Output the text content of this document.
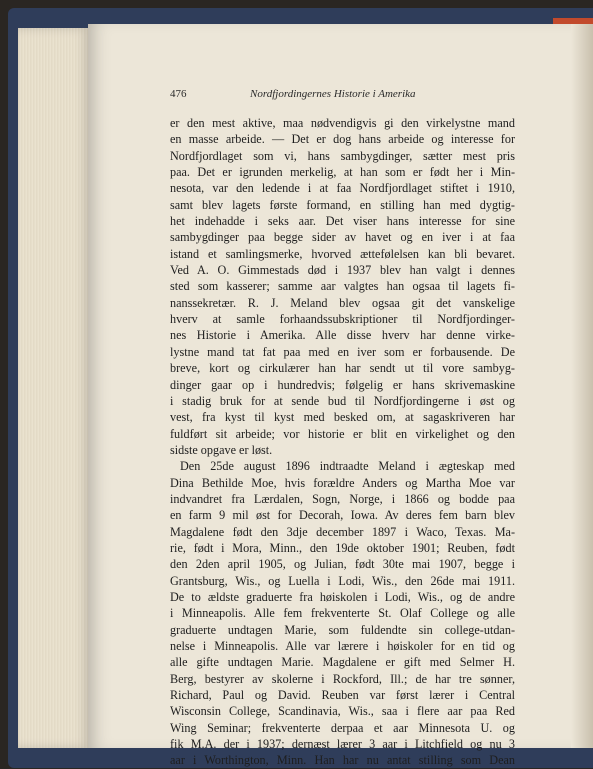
476	Nordfjordingernes Historie i Amerika
er den mest aktive, maa nødvendigvis gi den virkelystne mand
en masse arbeide. — Det er dog hans arbeide og interesse for
Nordfjordlaget som vi, hans sambygdinger, sætter mest pris
paa. Det er igrunden merkelig, at han som er født her i Min-
nesota, var den ledende i at faa Nordfjordlaget stiftet i 1910,
samt blev lagets første formand, en stilling han med dygtig-
het indehadde i seks aar. Det viser hans interesse for sine
sambygdinger paa begge sider av havet og en iver i at faa
istand et samlingsmerke, hvorved ættefølelsen kan bli bevaret.
Ved A. O. Gimmestads død i 1937 blev han valgt i dennes
sted som kasserer; samme aar valgtes han ogsaa til lagets fi-
nanssekretær. R. J. Meland blev ogsaa git det vanskelige
hverv at samle forhaandssubskriptioner til Nordfjordinger-
nes Historie i Amerika. Alle disse hverv har denne virke-
lystne mand tat fat paa med en iver som er forbausende. De
breve, kort og cirkulærer han har sendt ut til vore sambyg-
dinger gaar op i hundredvis; følgelig er hans skrivemaskine
i stadig bruk for at sende bud til Nordfjordingerne i øst og
vest, fra kyst til kyst med besked om, at sagaskriveren har
fuldført sit arbeide; vor historie er blit en virkelighet og den
sidste opgave er løst.
Den 25de august 1896 indtraadte Meland i ægteskap med
Dina Bethilde Moe, hvis forældre Anders og Martha Moe var
indvandret fra Lærdalen, Sogn, Norge, i 1866 og bodde paa
en farm 9 mil øst for Decorah, Iowa. Av deres fem barn blev
Magdalene født den 3dje december 1897 i Waco, Texas. Ma-
rie, født i Mora, Minn., den 19de oktober 1901; Reuben, født
den 2den april 1905, og Julian, født 30te mai 1907, begge i
Grantsburg, Wis., og Luella i Lodi, Wis., den 26de mai 1911.
De to ældste graduerte fra høiskolen i Lodi, Wis., og de andre
i Minneapolis. Alle fem frekventerte St. Olaf College og alle
graduerte undtagen Marie, som fuldendte sin college-utdan-
nelse i Minneapolis. Alle var lærere i høiskoler for en tid og
alle gifte undtagen Marie. Magdalene er gift med Selmer H.
Berg, bestyrer av skolerne i Rockford, Ill.; de har tre sønner,
Richard, Paul og David. Reuben var først lærer i Central
Wisconsin College, Scandinavia, Wis., saa i flere aar paa Red
Wing Seminar; frekventerte derpaa et aar Minnesota U. og
fik M.A. der i 1937; dernæst lærer 3 aar i Litchfield og nu 3
aar i Worthington, Minn. Han har nu antat stilling som Dean
